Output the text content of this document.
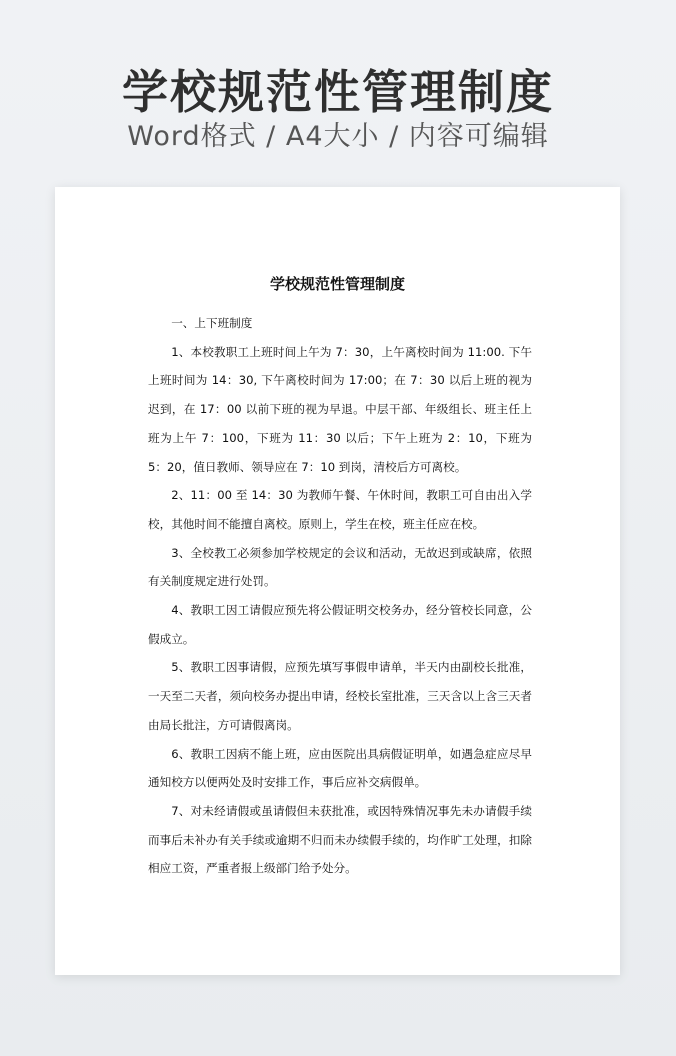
学校规范性管理制度
Word格式 / A4大小 / 内容可编辑
学校规范性管理制度

一、上下班制度

1、本校教职工上班时间上午为 7：30，上午离校时间为 11:00. 下午上班时间为 14：30, 下午离校时间为 17:00；在 7：30 以后上班的视为迟到，在 17：00 以前下班的视为早退。中层干部、年级组长、班主任上班为上午 7：100，下班为 11：30 以后；下午上班为 2：10，下班为 5：20，值日教师、领导应在 7：10 到岗，清校后方可离校。

2、11：00 至 14：30 为教师午餐、午休时间，教职工可自由出入学校，其他时间不能擅自离校。原则上，学生在校，班主任应在校。

3、全校教工必须参加学校规定的会议和活动，无故迟到或缺席，依照有关制度规定进行处罚。

4、教职工因工请假应预先将公假证明交校务办，经分管校长同意，公假成立。

5、教职工因事请假，应预先填写事假申请单，半天内由副校长批准，一天至二天者，须向校务办提出申请，经校长室批准，三天含以上含三天者由局长批注，方可请假离岗。

6、教职工因病不能上班，应由医院出具病假证明单，如遇急症应尽早通知校方以便两处及时安排工作，事后应补交病假单。

7、对未经请假或虽请假但未获批准，或因特殊情况事先未办请假手续而事后未补办有关手续或逾期不归而未办续假手续的，均作旷工处理，扣除相应工资，严重者报上级部门给予处分。
